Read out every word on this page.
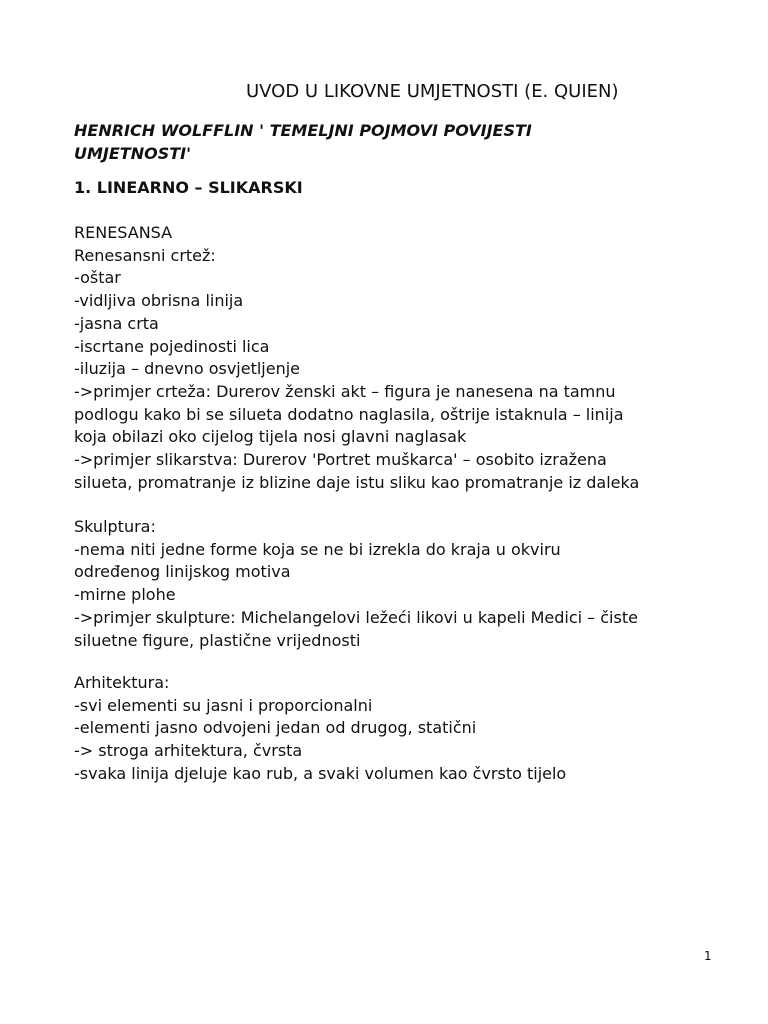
UVOD U LIKOVNE UMJETNOSTI (E. QUIEN)
HENRICH WOLFFLIN ' TEMELJNI POJMOVI POVIJESTI UMJETNOSTI'
1. LINEARNO – SLIKARSKI
RENESANSA
Renesansni crtež:
-oštar
-vidljiva obrisna linija
-jasna crta
-iscrtane pojedinosti lica
-iluzija – dnevno osvjetljenje
->primjer crteža: Durerov ženski akt – figura je nanesena na tamnu
podlogu kako bi se silueta dodatno naglasila, oštrije istaknula – linija
koja obilazi oko cijelog tijela nosi glavni naglasak
->primjer slikarstva: Durerov 'Portret muškarca' – osobito izražena
silueta, promatranje iz blizine daje istu sliku kao promatranje iz daleka
Skulptura:
-nema niti jedne forme koja se ne bi izrekla do kraja u okviru
određenog linijskog motiva
-mirne plohe
->primjer skulpture: Michelangelovi ležeći likovi u kapeli Medici – čiste
siluetne figure, plastične vrijednosti
Arhitektura:
-svi elementi su jasni i proporcionalni
-elementi jasno odvojeni jedan od drugog, statični
-> stroga arhitektura, čvrsta
-svaka linija djeluje kao rub, a svaki volumen kao čvrsto tijelo
1
